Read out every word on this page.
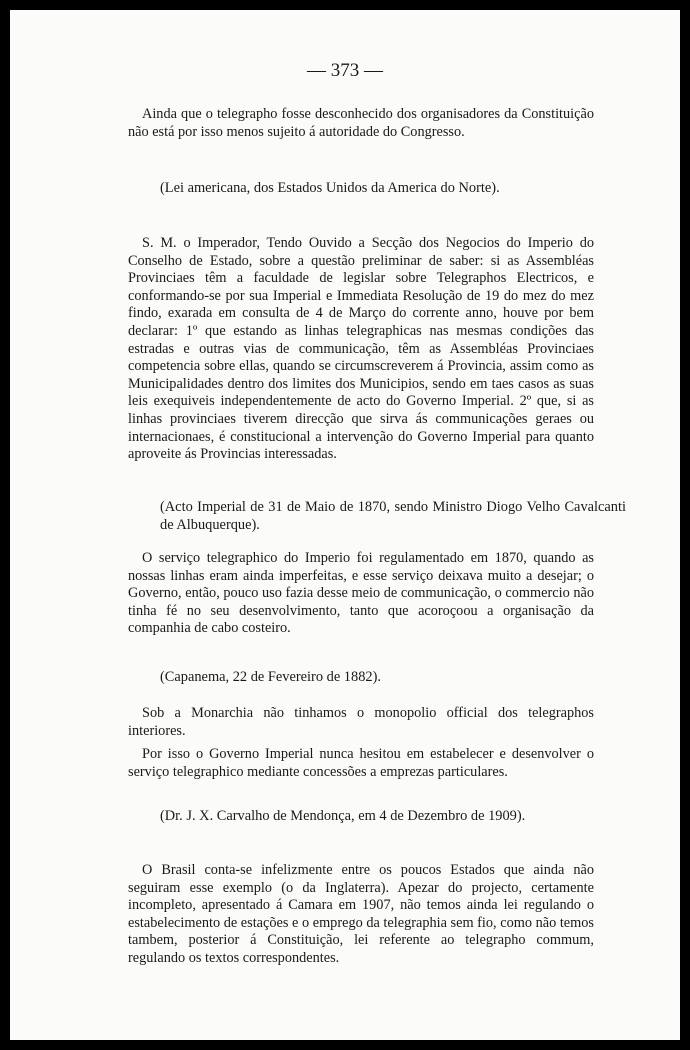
— 373 —

Ainda que o telegrapho fosse desconhecido dos organisadores da Constituição não está por isso menos sujeito á autoridade do Congresso.

(Lei americana, dos Estados Unidos da America do Norte).

S. M. o Imperador, Tendo Ouvido a Secção dos Negocios do Imperio do Conselho de Estado, sobre a questão preliminar de saber: si as Assembléas Provinciaes têm a faculdade de legislar sobre Telegraphos Electricos, e conformando-se por sua Imperial e Immediata Resolução de 19 do mez do mez findo, exarada em consulta de 4 de Março do corrente anno, houve por bem declarar: 1º que estando as linhas telegraphicas nas mesmas condições das estradas e outras vias de communicação, têm as Assembléas Provinciaes competencia sobre ellas, quando se circumscreverem á Provincia, assim como as Municipalidades dentro dos limites dos Municipios, sendo em taes casos as suas leis exequiveis independentemente de acto do Governo Imperial. 2º que, si as linhas provinciaes tiverem direcção que sirva ás communicações geraes ou internacionaes, é constitucional a intervenção do Governo Imperial para quanto aproveite ás Provincias interessadas.

(Acto Imperial de 31 de Maio de 1870, sendo Ministro Diogo Velho Cavalcanti de Albuquerque).

O serviço telegraphico do Imperio foi regulamentado em 1870, quando as nossas linhas eram ainda imperfeitas, e esse serviço deixava muito a desejar; o Governo, então, pouco uso fazia desse meio de communicação, o commercio não tinha fé no seu desenvolvimento, tanto que acoroçoou a organisação da companhia de cabo costeiro.

(Capanema, 22 de Fevereiro de 1882).

Sob a Monarchia não tinhamos o monopolio official dos telegraphos interiores.

Por isso o Governo Imperial nunca hesitou em estabelecer e desenvolver o serviço telegraphico mediante concessões a emprezas particulares.

(Dr. J. X. Carvalho de Mendonça, em 4 de Dezembro de 1909).

O Brasil conta-se infelizmente entre os poucos Estados que ainda não seguiram esse exemplo (o da Inglaterra). Apezar do projecto, certamente incompleto, apresentado á Camara em 1907, não temos ainda lei regulando o estabelecimento de estações e o emprego da telegraphia sem fio, como não temos tambem, posterior á Constituição, lei referente ao telegrapho commum, regulando os textos correspondentes.
